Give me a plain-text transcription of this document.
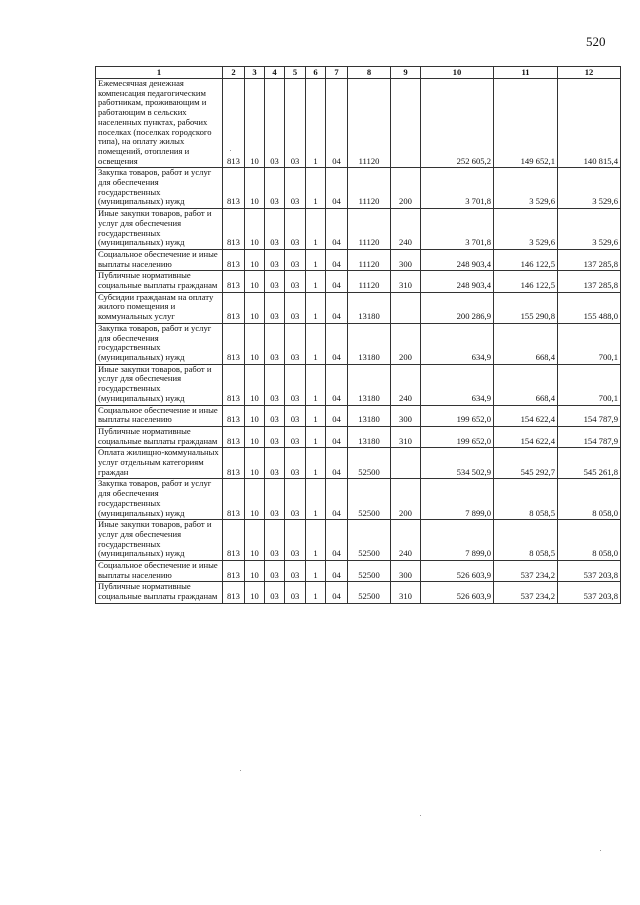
520
1	2	3	4	5	6	7	8	9	10	11	12
Ежемесячная денежная компенсация педагогическим работникам, проживающим и работающим в сельских населенных пунктах, рабочих поселках (поселках городского типа), на оплату жилых помещений, отопления и освещения	813	10	03	03	1	04	11120		252 605,2	149 652,1	140 815,4
Закупка товаров, работ и услуг для обеспечения государственных (муниципальных) нужд	813	10	03	03	1	04	11120	200	3 701,8	3 529,6	3 529,6
Иные закупки товаров, работ и услуг для обеспечения государственных (муниципальных) нужд	813	10	03	03	1	04	11120	240	3 701,8	3 529,6	3 529,6
Социальное обеспечение и иные выплаты населению	813	10	03	03	1	04	11120	300	248 903,4	146 122,5	137 285,8
Публичные нормативные социальные выплаты гражданам	813	10	03	03	1	04	11120	310	248 903,4	146 122,5	137 285,8
Субсидии гражданам на оплату жилого помещения и коммунальных услуг	813	10	03	03	1	04	13180		200 286,9	155 290,8	155 488,0
Закупка товаров, работ и услуг для обеспечения государственных (муниципальных) нужд	813	10	03	03	1	04	13180	200	634,9	668,4	700,1
Иные закупки товаров, работ и услуг для обеспечения государственных (муниципальных) нужд	813	10	03	03	1	04	13180	240	634,9	668,4	700,1
Социальное обеспечение и иные выплаты населению	813	10	03	03	1	04	13180	300	199 652,0	154 622,4	154 787,9
Публичные нормативные социальные выплаты гражданам	813	10	03	03	1	04	13180	310	199 652,0	154 622,4	154 787,9
Оплата жилищно-коммунальных услуг отдельным категориям граждан	813	10	03	03	1	04	52500		534 502,9	545 292,7	545 261,8
Закупка товаров, работ и услуг для обеспечения государственных (муниципальных) нужд	813	10	03	03	1	04	52500	200	7 899,0	8 058,5	8 058,0
Иные закупки товаров, работ и услуг для обеспечения государственных (муниципальных) нужд	813	10	03	03	1	04	52500	240	7 899,0	8 058,5	8 058,0
Социальное обеспечение и иные выплаты населению	813	10	03	03	1	04	52500	300	526 603,9	537 234,2	537 203,8
Публичные нормативные социальные выплаты гражданам	813	10	03	03	1	04	52500	310	526 603,9	537 234,2	537 203,8
